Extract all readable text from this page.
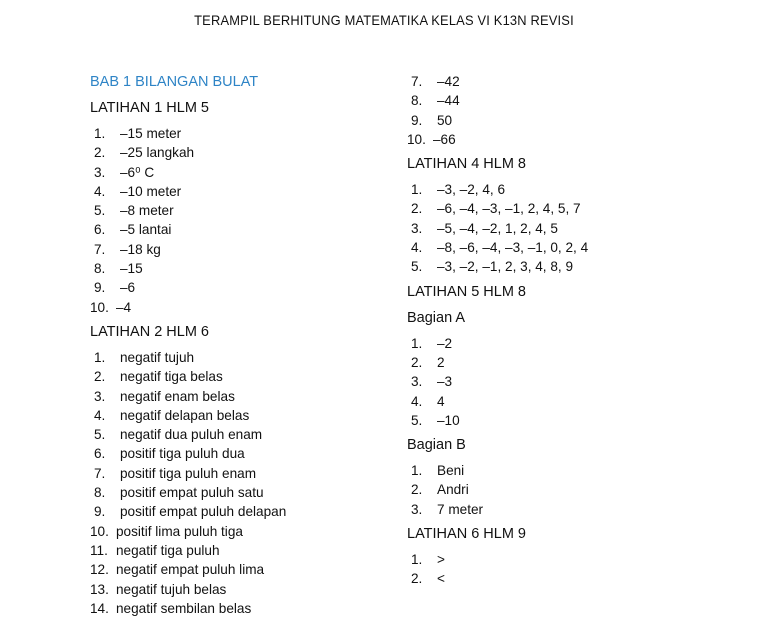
TERAMPIL BERHITUNG MATEMATIKA KELAS VI K13N REVISI
BAB 1 BILANGAN BULAT
LATIHAN 1 HLM 5
1.	–15 meter
2.	–25 langkah
3.	–6⁰ C
4.	–10 meter
5.	–8 meter
6.	–5 lantai
7.	–18 kg
8.	–15
9.	–6
10. –4
LATIHAN 2 HLM 6
1.	negatif tujuh
2.	negatif tiga belas
3.	negatif enam belas
4.	negatif delapan belas
5.	negatif dua puluh enam
6.	positif tiga puluh dua
7.	positif tiga puluh enam
8.	positif empat puluh satu
9.	positif empat puluh delapan
10. positif lima puluh tiga
11. negatif tiga puluh
12. negatif empat puluh lima
13. negatif tujuh belas
14. negatif sembilan belas
7.	–42
8.	–44
9.	50
10. –66
LATIHAN 4 HLM 8
1.	–3, –2, 4, 6
2.	–6, –4, –3, –1, 2, 4, 5, 7
3.	–5, –4, –2, 1, 2, 4, 5
4.	–8, –6, –4, –3, –1, 0, 2, 4
5.	–3, –2, –1, 2, 3, 4, 8, 9
LATIHAN 5 HLM 8
Bagian A
1.	–2
2.	2
3.	–3
4.	4
5.	–10
Bagian B
1.	Beni
2.	Andri
3.	7 meter
LATIHAN 6 HLM 9
1.	>
2.	<
